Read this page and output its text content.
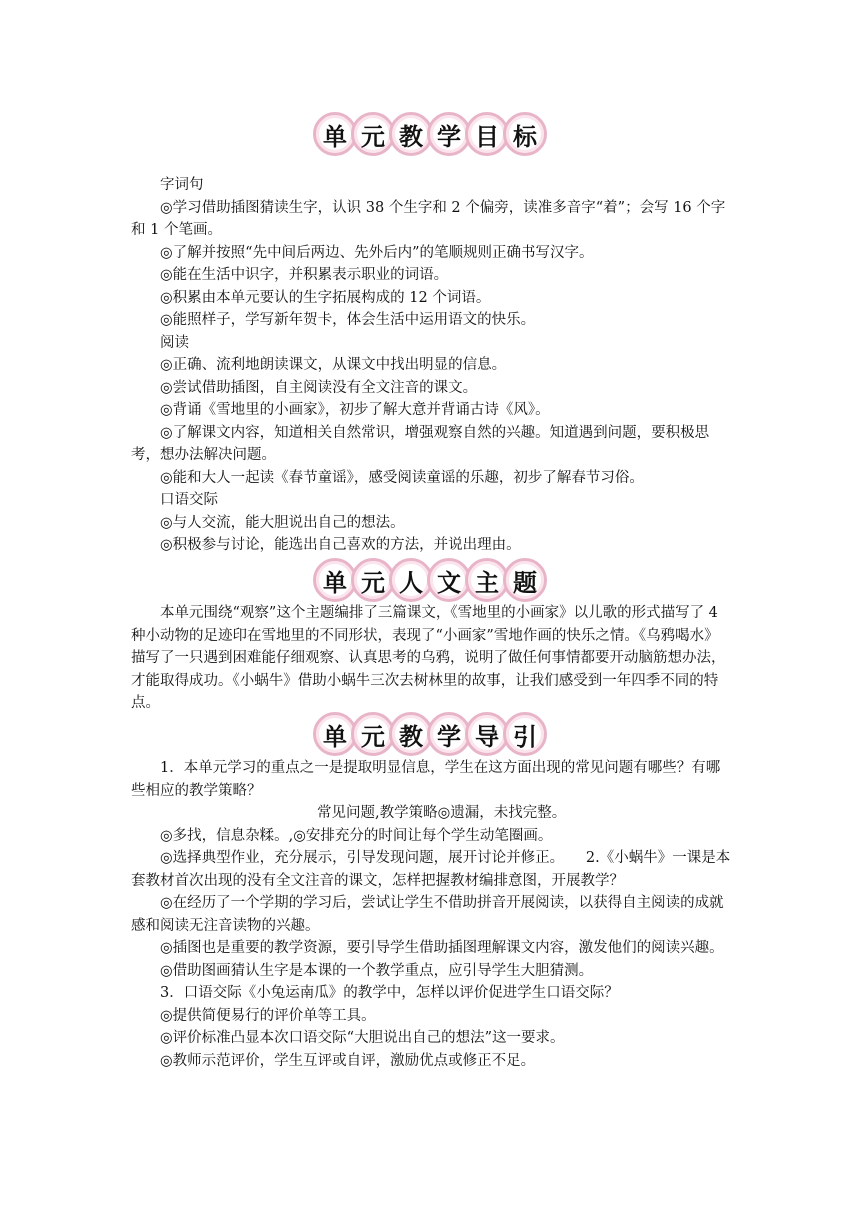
单 元 教 学 目 标

字词句

◎学习借助插图猜读生字，认识 38 个生字和 2 个偏旁，读准多音字“着”；会写 16 个字和 1 个笔画。

◎了解并按照“先中间后两边、先外后内”的笔顺规则正确书写汉字。

◎能在生活中识字，并积累表示职业的词语。

◎积累由本单元要认的生字拓展构成的 12 个词语。

◎能照样子，学写新年贺卡，体会生活中运用语文的快乐。

阅读

◎正确、流利地朗读课文，从课文中找出明显的信息。

◎尝试借助插图，自主阅读没有全文注音的课文。

◎背诵《雪地里的小画家》，初步了解大意并背诵古诗《风》。

◎了解课文内容，知道相关自然常识，增强观察自然的兴趣。知道遇到问题，要积极思考，想办法解决问题。

◎能和大人一起读《春节童谣》，感受阅读童谣的乐趣，初步了解春节习俗。

口语交际

◎与人交流，能大胆说出自己的想法。

◎积极参与讨论，能选出自己喜欢的方法，并说出理由。

单 元 人 文 主 题

本单元围绕“观察”这个主题编排了三篇课文，《雪地里的小画家》以儿歌的形式描写了 4 种小动物的足迹印在雪地里的不同形状，表现了“小画家”雪地作画的快乐之情。《乌鸦喝水》描写了一只遇到困难能仔细观察、认真思考的乌鸦，说明了做任何事情都要开动脑筋想办法，才能取得成功。《小蜗牛》借助小蜗牛三次去树林里的故事，让我们感受到一年四季不同的特点。

单 元 教 学 导 引

1．本单元学习的重点之一是提取明显信息，学生在这方面出现的常见问题有哪些？有哪些相应的教学策略？

常见问题,教学策略◎遗漏，未找完整。

◎多找，信息杂糅。,◎安排充分的时间让每个学生动笔圈画。

◎选择典型作业，充分展示，引导发现问题，展开讨论并修正。　　2.《小蜗牛》一课是本套教材首次出现的没有全文注音的课文，怎样把握教材编排意图，开展教学？

◎在经历了一个学期的学习后，尝试让学生不借助拼音开展阅读，以获得自主阅读的成就感和阅读无注音读物的兴趣。

◎插图也是重要的教学资源，要引导学生借助插图理解课文内容，激发他们的阅读兴趣。

◎借助图画猜认生字是本课的一个教学重点，应引导学生大胆猜测。

3．口语交际《小兔运南瓜》的教学中，怎样以评价促进学生口语交际？

◎提供简便易行的评价单等工具。

◎评价标准凸显本次口语交际“大胆说出自己的想法”这一要求。

◎教师示范评价，学生互评或自评，激励优点或修正不足。
